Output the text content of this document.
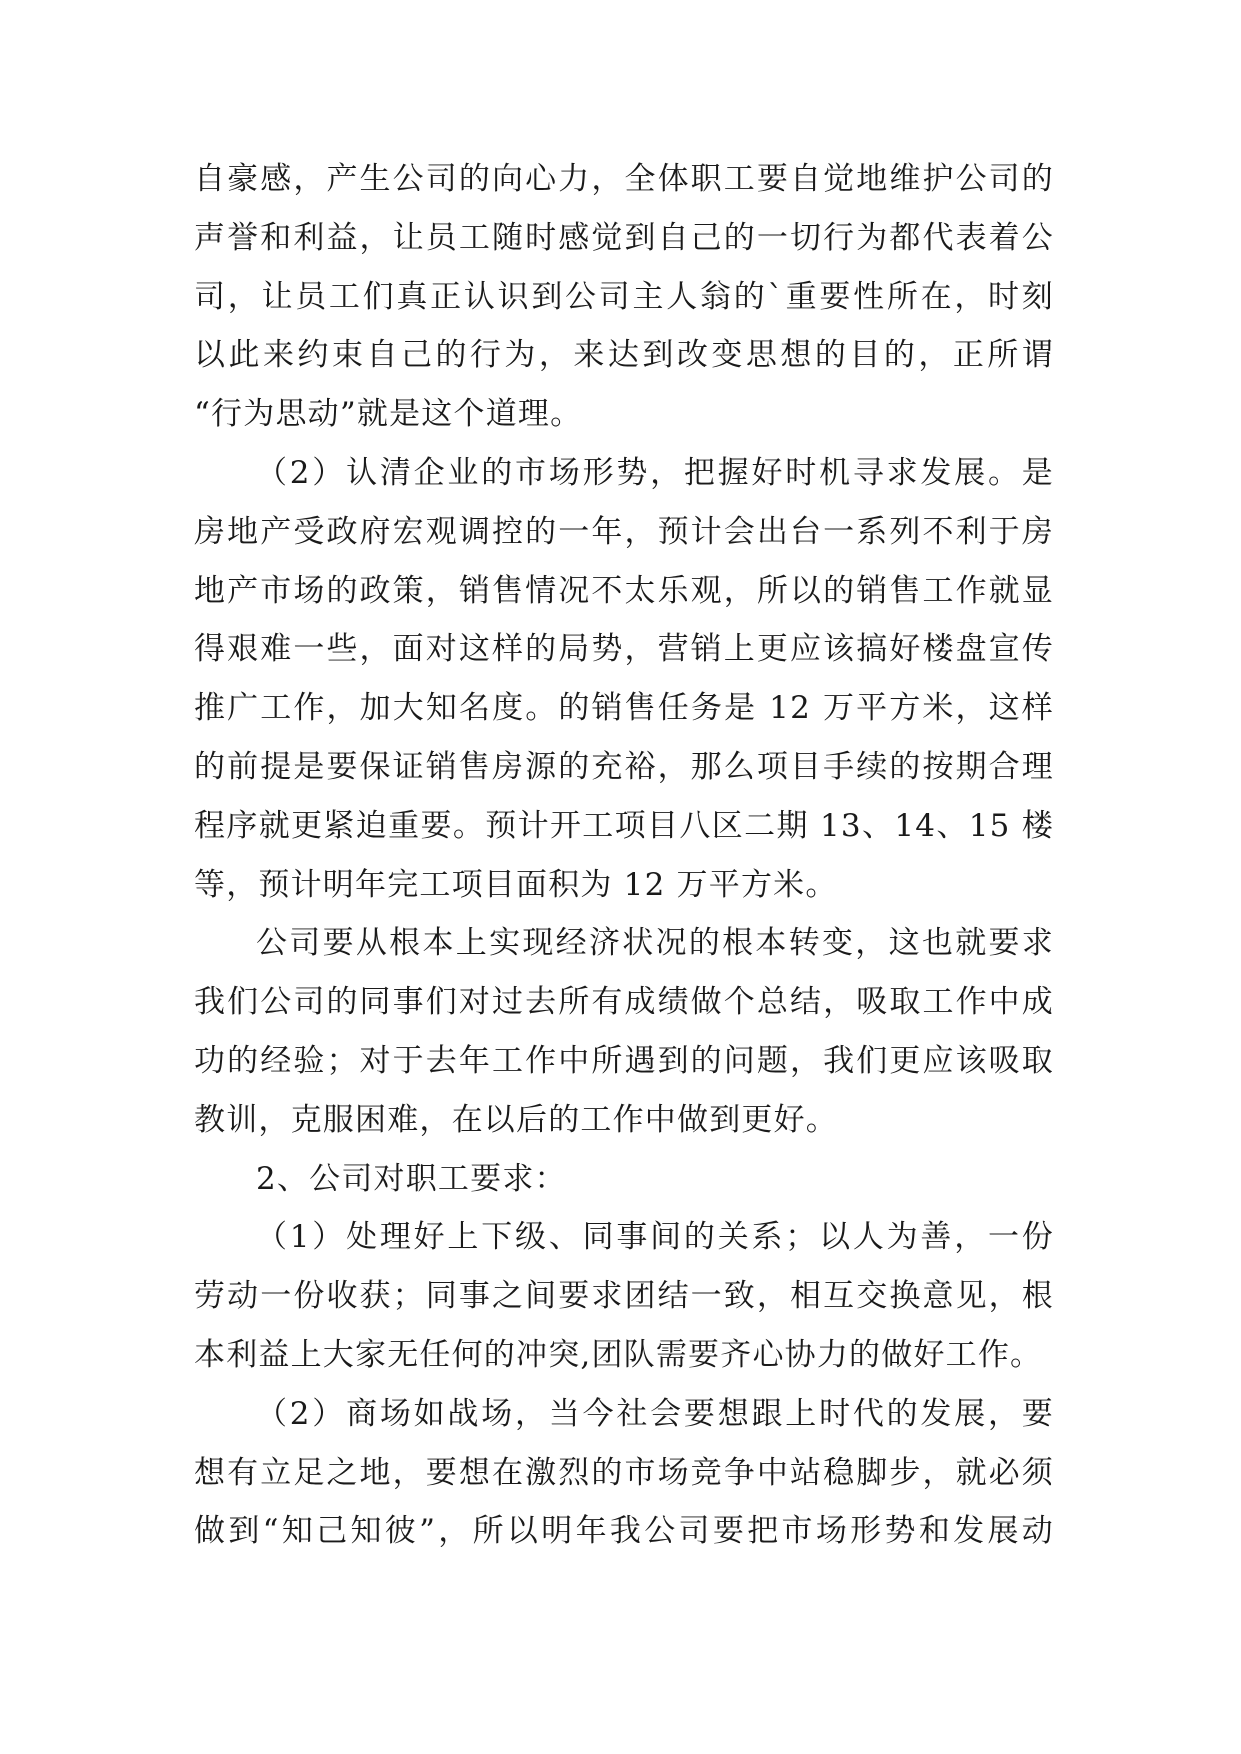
自豪感，产生公司的向心力，全体职工要自觉地维护公司的
声誉和利益，让员工随时感觉到自己的一切行为都代表着公
司，让员工们真正认识到公司主人翁的`重要性所在，时刻
以此来约束自己的行为，来达到改变思想的目的，正所谓
“行为思动”就是这个道理。
（2）认清企业的市场形势，把握好时机寻求发展。是
房地产受政府宏观调控的一年，预计会出台一系列不利于房
地产市场的政策，销售情况不太乐观，所以的销售工作就显
得艰难一些，面对这样的局势，营销上更应该搞好楼盘宣传
推广工作，加大知名度。的销售任务是 12 万平方米，这样
的前提是要保证销售房源的充裕，那么项目手续的按期合理
程序就更紧迫重要。预计开工项目八区二期 13、14、15 楼
等，预计明年完工项目面积为 12 万平方米。
公司要从根本上实现经济状况的根本转变，这也就要求
我们公司的同事们对过去所有成绩做个总结，吸取工作中成
功的经验；对于去年工作中所遇到的问题，我们更应该吸取
教训，克服困难，在以后的工作中做到更好。
2、公司对职工要求：
（1）处理好上下级、同事间的关系；以人为善，一份
劳动一份收获；同事之间要求团结一致，相互交换意见，根
本利益上大家无任何的冲突,团队需要齐心协力的做好工作。
（2）商场如战场，当今社会要想跟上时代的发展，要
想有立足之地，要想在激烈的市场竞争中站稳脚步，就必须
做到“知己知彼”，所以明年我公司要把市场形势和发展动
